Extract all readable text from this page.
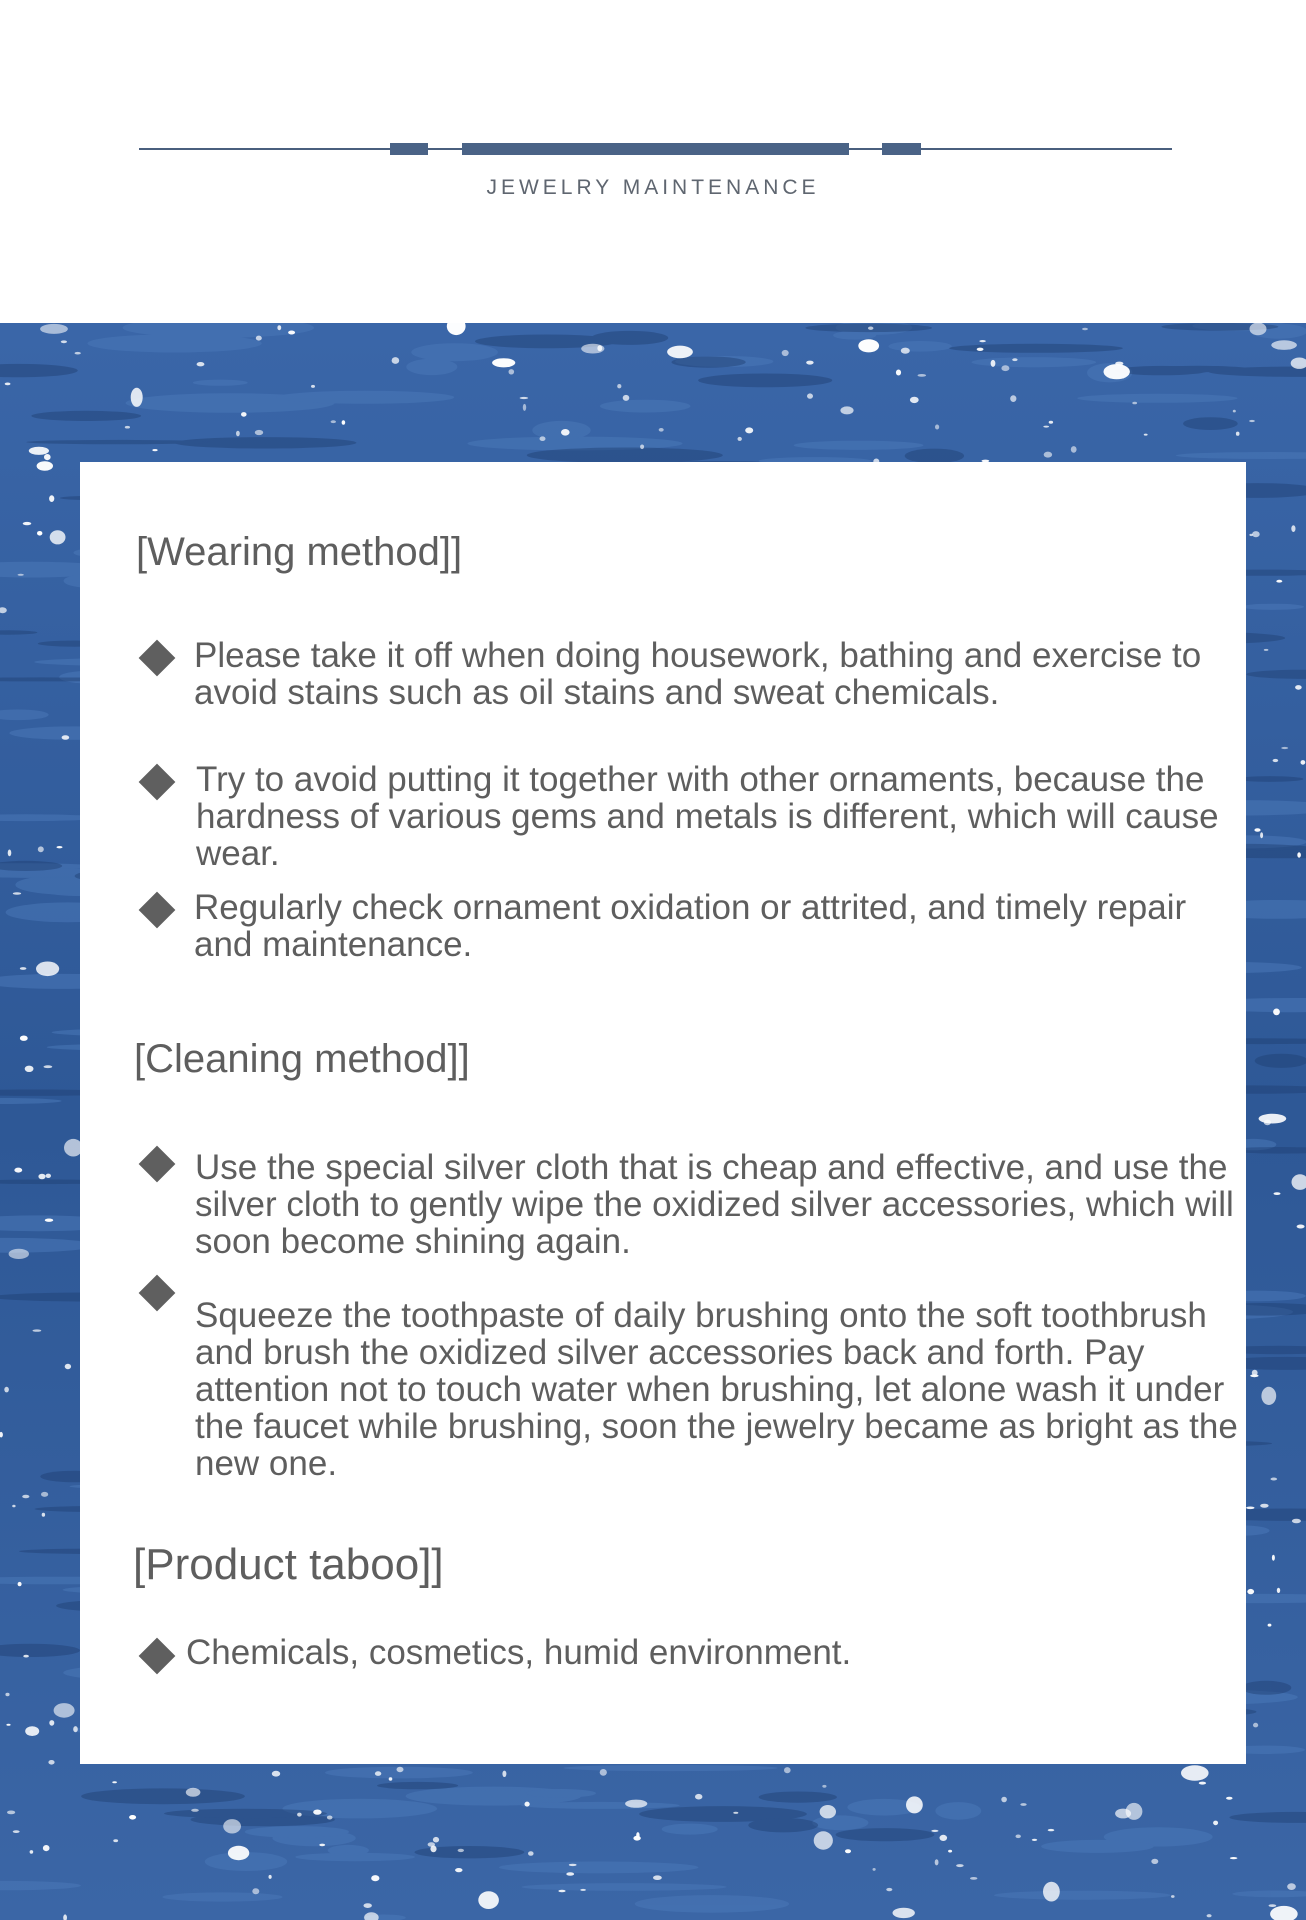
JEWELRY MAINTENANCE
[Wearing method]]
Please take it off when doing housework, bathing and exercise to avoid stains such as oil stains and sweat chemicals.
Try to avoid putting it together with other ornaments, because the hardness of various gems and metals is different, which will cause wear.
Regularly check ornament oxidation or attrited, and timely repair and maintenance.
[Cleaning method]]
Use the special silver cloth that is cheap and effective, and use the silver cloth to gently wipe the oxidized silver accessories, which will soon become shining again.
Squeeze the toothpaste of daily brushing onto the soft toothbrush and brush the oxidized silver accessories back and forth. Pay attention not to touch water when brushing, let alone wash it under the faucet while brushing, soon the jewelry became as bright as the new one.
[Product taboo]]
Chemicals, cosmetics, humid environment.
